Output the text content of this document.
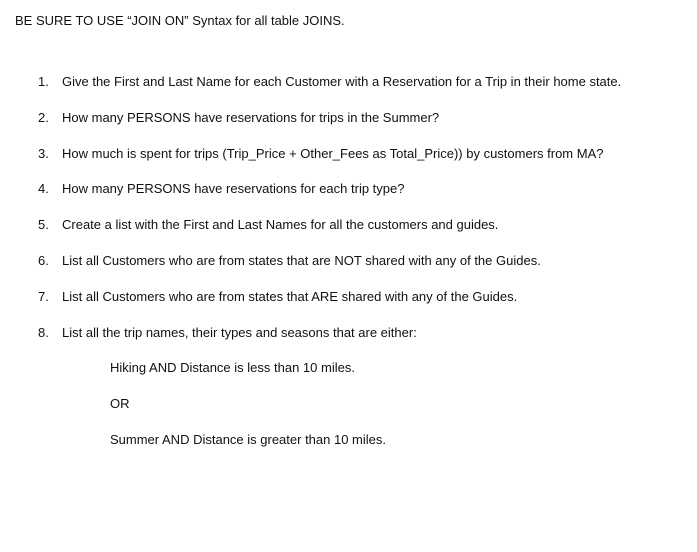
BE SURE TO USE “JOIN ON” Syntax for all table JOINS.
1.	Give the First and Last Name for each Customer with a Reservation for a Trip in their home state.
2.	How many PERSONS have reservations for trips in the Summer?
3.	How much is spent for trips (Trip_Price + Other_Fees as Total_Price)) by customers from MA?
4.	How many PERSONS have reservations for each trip type?
5.	Create a list with the First and Last Names for all the customers and guides.
6.	List all Customers who are from states that are NOT shared with any of the Guides.
7.	List all Customers who are from states that ARE shared with any of the Guides.
8.	List all the trip names, their types and seasons that are either:
Hiking AND Distance is less than 10 miles.
OR
Summer AND Distance is greater than 10 miles.
